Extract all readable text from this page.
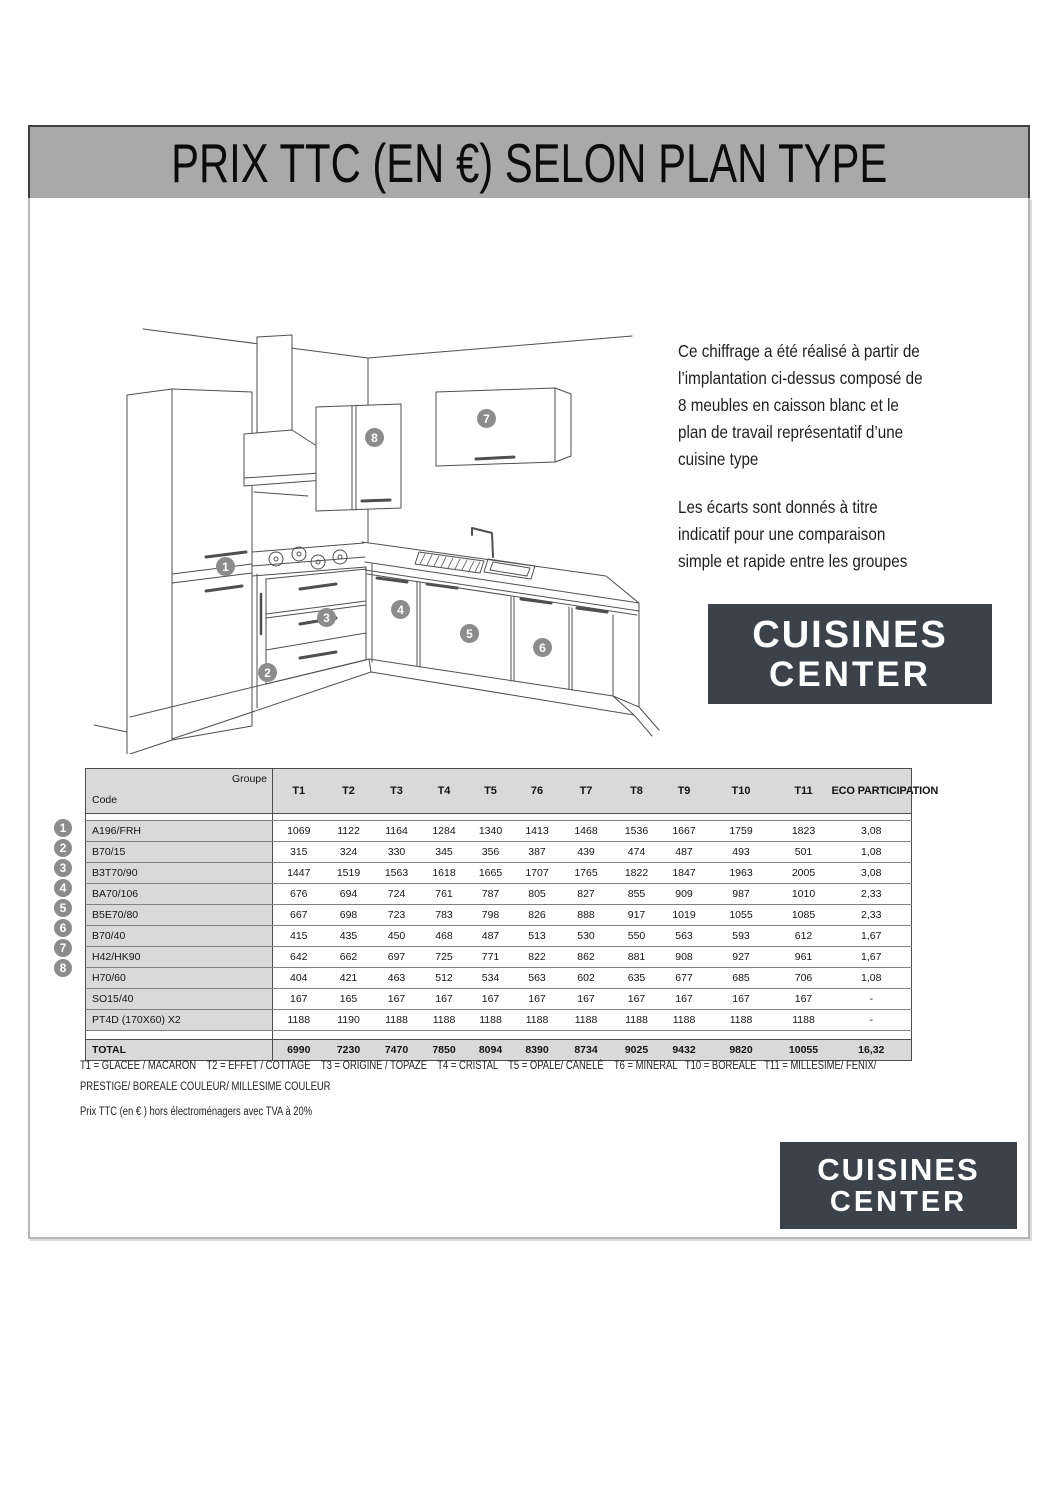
PRIX TTC (EN €) SELON PLAN TYPE
1
2
3
4
5
6
7
8
Ce chiffrage a été réalisé à partir de
l’implantation ci-dessus composé de
8 meubles en caisson blanc et le
plan de travail représentatif d’une
cuisine type
Les écarts sont donnés à titre
indicatif pour une comparaison
simple et rapide entre les groupes
CUISINES
CENTER
Groupe
Code	T1	T2	T3	T4	T5	76	T7	T8	T9	T10	T11	ECO PARTICIPATION

A196/FRH	1069	1122	1164	1284	1340	1413	1468	1536	1667	1759	1823	3,08
B70/15	315	324	330	345	356	387	439	474	487	493	501	1,08
B3T70/90	1447	1519	1563	1618	1665	1707	1765	1822	1847	1963	2005	3,08
BA70/106	676	694	724	761	787	805	827	855	909	987	1010	2,33
B5E70/80	667	698	723	783	798	826	888	917	1019	1055	1085	2,33
B70/40	415	435	450	468	487	513	530	550	563	593	612	1,67
H42/HK90	642	662	697	725	771	822	862	881	908	927	961	1,67
H70/60	404	421	463	512	534	563	602	635	677	685	706	1,08
SO15/40	167	165	167	167	167	167	167	167	167	167	167	-
PT4D (170X60) X2	1188	1190	1188	1188	1188	1188	1188	1188	1188	1188	1188	-

TOTAL	6990	7230	7470	7850	8094	8390	8734	9025	9432	9820	10055	16,32
1
2
3
4
5
6
7
8
T1 = GLACEE / MACARON    T2 = EFFET / COTTAGE    T3 = ORIGINE / TOPAZE    T4 = CRISTAL    T5 = OPALE/ CANELÉ    T6 = MINERAL   T10 = BOREALE   T11 = MILLESIME/ FENIX/
PRESTIGE/ BOREALE COULEUR/ MILLESIME COULEUR
Prix TTC (en € ) hors électroménagers avec TVA à 20%
CUISINES
CENTER
